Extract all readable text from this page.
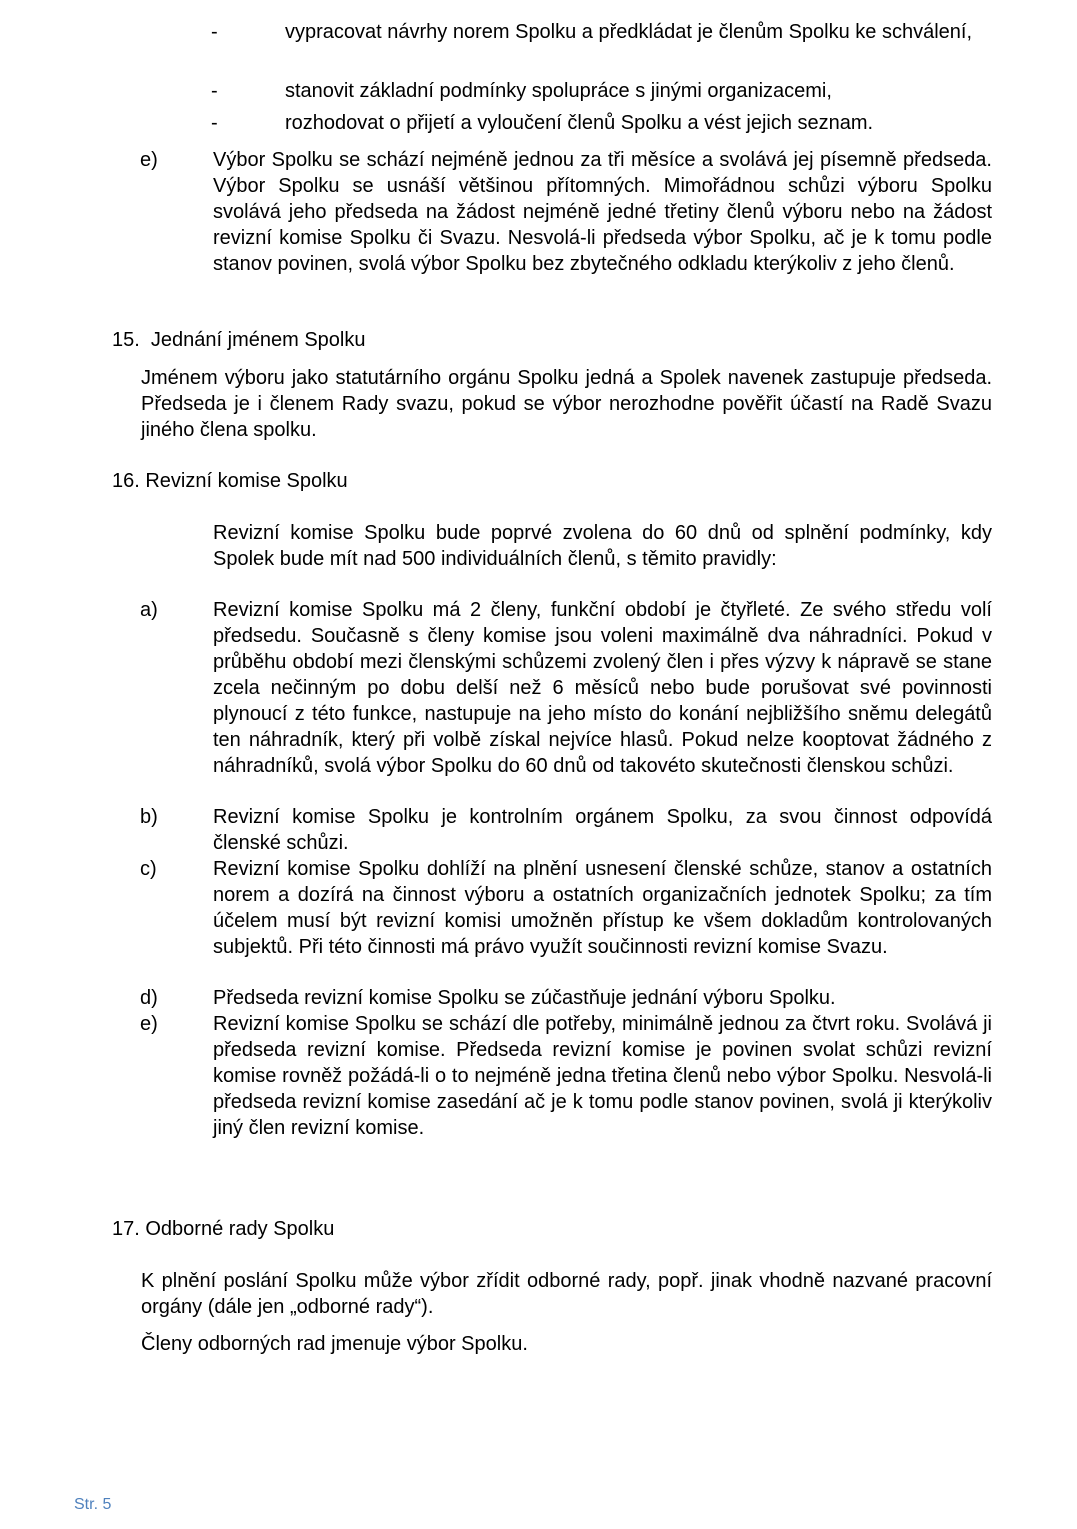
-	vypracovat návrhy norem Spolku a předkládat je členům Spolku ke schválení,
-	stanovit základní podmínky spolupráce s jinými organizacemi,
-	rozhodovat o přijetí a vyloučení členů Spolku a vést jejich seznam.
e)	Výbor Spolku se schází nejméně jednou za tři měsíce a svolává jej písemně předseda. Výbor Spolku se usnáší většinou přítomných. Mimořádnou schůzi výboru Spolku svolává jeho předseda na žádost nejméně jedné třetiny členů výboru nebo na žádost revizní komise Spolku či Svazu. Nesvolá-li předseda výbor Spolku, ač je k tomu podle stanov povinen, svolá výbor Spolku bez zbytečného odkladu kterýkoliv z jeho členů.
15.  Jednání jménem Spolku
Jménem výboru jako statutárního orgánu Spolku jedná a Spolek navenek zastupuje předseda. Předseda je i členem Rady svazu, pokud se výbor nerozhodne pověřit účastí na Radě Svazu jiného člena spolku.
16. Revizní komise Spolku
Revizní komise Spolku bude poprvé zvolena do 60 dnů od splnění podmínky, kdy Spolek bude mít nad 500 individuálních členů, s těmito pravidly:
a)	Revizní komise Spolku má 2 členy, funkční období je čtyřleté. Ze svého středu volí předsedu. Současně s členy komise jsou voleni maximálně dva náhradníci. Pokud v průběhu období mezi členskými schůzemi zvolený člen i přes výzvy k nápravě se stane zcela nečinným po dobu delší než 6 měsíců nebo bude porušovat své povinnosti plynoucí z této funkce, nastupuje na jeho místo do konání nejbližšího sněmu delegátů ten náhradník, který při volbě získal nejvíce hlasů. Pokud nelze kooptovat žádného z náhradníků, svolá výbor Spolku do 60 dnů od takovéto skutečnosti členskou schůzi.
b)	Revizní komise Spolku je kontrolním orgánem Spolku, za svou činnost odpovídá členské schůzi.
c)	Revizní komise Spolku dohlíží na plnění usnesení členské schůze, stanov a ostatních norem a dozírá na činnost výboru a ostatních organizačních jednotek Spolku; za tím účelem musí být revizní komisi umožněn přístup ke všem dokladům kontrolovaných subjektů. Při této činnosti má právo využít součinnosti revizní komise Svazu.
d)	Předseda revizní komise Spolku se zúčastňuje jednání výboru Spolku.
e)	Revizní komise Spolku se schází dle potřeby, minimálně jednou za čtvrt roku. Svolává ji předseda revizní komise. Předseda revizní komise je povinen svolat schůzi revizní komise rovněž požádá-li o to nejméně jedna třetina členů nebo výbor Spolku. Nesvolá-li předseda revizní komise zasedání ač je k tomu podle stanov povinen, svolá ji kterýkoliv jiný člen revizní komise.
17. Odborné rady Spolku
K plnění poslání Spolku může výbor zřídit odborné rady, popř. jinak vhodně nazvané pracovní orgány (dále jen „odborné rady“).
Členy odborných rad jmenuje výbor Spolku.
Str. 5
